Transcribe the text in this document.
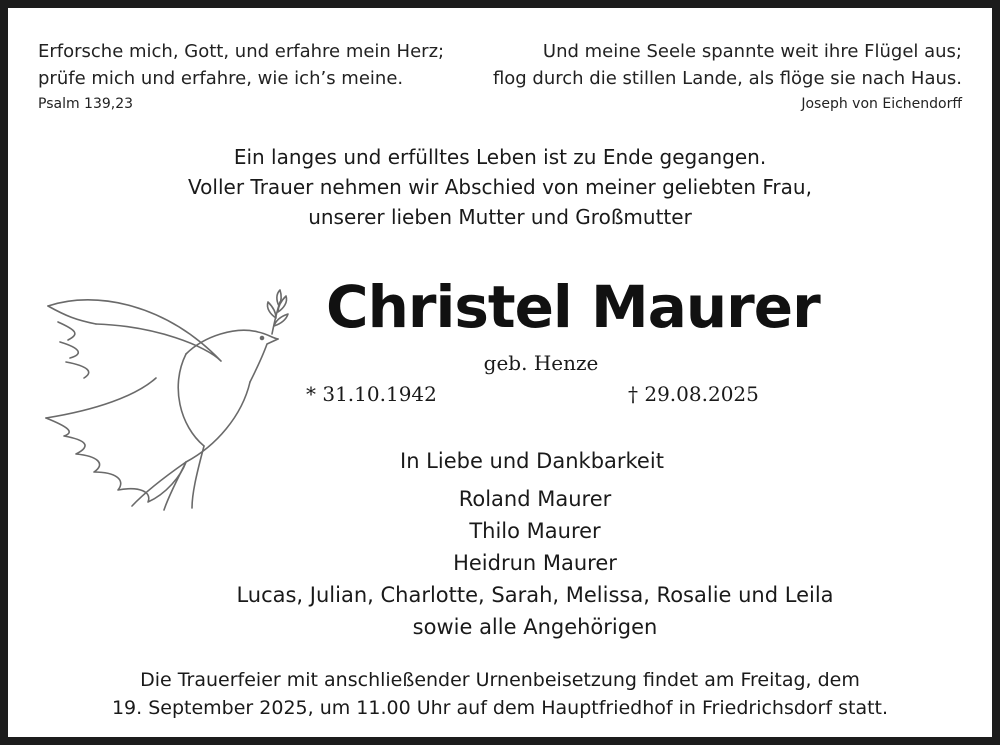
Erforsche mich, Gott, und erfahre mein Herz;
prüfe mich und erfahre, wie ich’s meine.
Psalm 139,23
Und meine Seele spannte weit ihre Flügel aus;
flog durch die stillen Lande, als flöge sie nach Haus.
Joseph von Eichendorff
Ein langes und erfülltes Leben ist zu Ende gegangen.
Voller Trauer nehmen wir Abschied von meiner geliebten Frau,
unserer lieben Mutter und Großmutter
Christel Maurer
geb. Henze
* 31.10.1942	† 29.08.2025
In Liebe und Dankbarkeit
Roland Maurer
Thilo Maurer
Heidrun Maurer
Lucas, Julian, Charlotte, Sarah, Melissa, Rosalie und Leila
sowie alle Angehörigen
Die Trauerfeier mit anschließender Urnenbeisetzung findet am Freitag, dem
19. September 2025, um 11.00 Uhr auf dem Hauptfriedhof in Friedrichsdorf statt.
